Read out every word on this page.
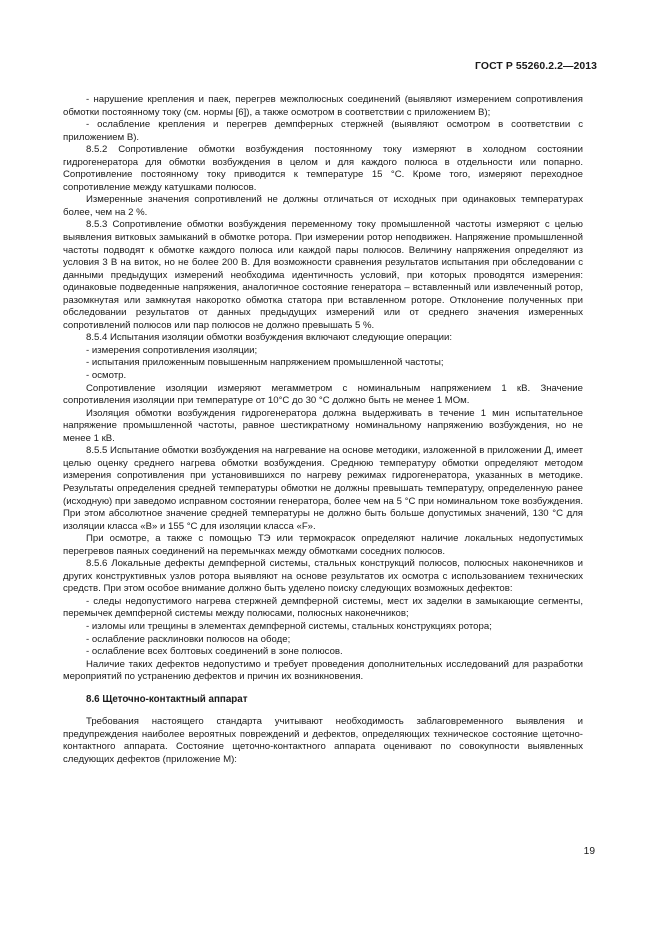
ГОСТ Р 55260.2.2—2013

- нарушение крепления и паек, перегрев межполюсных соединений (выявляют измерением сопротивления обмотки постоянному току (см. нормы [6]), а также осмотром в соответствии с приложением В);

- ослабление крепления и перегрев демпферных стержней (выявляют осмотром в соответствии с приложением В).

8.5.2 Сопротивление обмотки возбуждения постоянному току измеряют в холодном состоянии гидрогенератора для обмотки возбуждения в целом и для каждого полюса в отдельности или попарно. Сопротивление постоянному току приводится к температуре 15 °С. Кроме того, измеряют переходное сопротивление между катушками полюсов.

Измеренные значения сопротивлений не должны отличаться от исходных при одинаковых температурах более, чем на 2 %.

8.5.3 Сопротивление обмотки возбуждения переменному току промышленной частоты измеряют с целью выявления витковых замыканий в обмотке ротора. При измерении ротор неподвижен. Напряжение промышленной частоты подводят к обмотке каждого полюса или каждой пары полюсов. Величину напряжения определяют из условия 3 В на виток, но не более 200 В. Для возможности сравнения результатов испытания при обследовании с данными предыдущих измерений необходима идентичность условий, при которых проводятся измерения: одинаковые подведенные напряжения, аналогичное состояние генератора – вставленный или извлеченный ротор, разомкнутая или замкнутая накоротко обмотка статора при вставленном роторе. Отклонение полученных при обследовании результатов от данных предыдущих измерений или от среднего значения измеренных сопротивлений полюсов или пар полюсов не должно превышать 5 %.

8.5.4 Испытания изоляции обмотки возбуждения включают следующие операции:

- измерения сопротивления изоляции;

- испытания приложенным повышенным напряжением промышленной частоты;

- осмотр.

Сопротивление изоляции измеряют мегаммeтром с номинальным напряжением 1 кВ. Значение сопротивления изоляции при температуре от 10°С до 30 °С должно быть не менее 1 МОм.

Изоляция обмотки возбуждения гидрогенератора должна выдерживать в течение 1 мин испытательное напряжение промышленной частоты, равное шестикратному номинальному напряжению возбуждения, но не менее 1 кВ.

8.5.5 Испытание обмотки возбуждения на нагревание на основе методики, изложенной в приложении Д, имеет целью оценку среднего нагрева обмотки возбуждения. Среднюю температуру обмотки определяют методом измерения сопротивления при установившихся по нагреву режимах гидрогенератора, указанных в методике. Результаты определения средней температуры обмотки не должны превышать температуру, определенную ранее (исходную) при заведомо исправном состоянии генератора, более чем на 5 °С при номинальном токе возбуждения. При этом абсолютное значение средней температуры не должно быть больше допустимых значений, 130 °С для изоляции класса «В» и 155 °С для изоляции класса «F».

При осмотре, а также с помощью ТЭ или термокрасок определяют наличие локальных недопустимых перегревов паяных соединений на перемычках между обмотками соседних полюсов.

8.5.6 Локальные дефекты демпферной системы, стальных конструкций полюсов, полюсных наконечников и других конструктивных узлов ротора выявляют на основе результатов их осмотра с использованием технических средств. При этом особое внимание должно быть уделено поиску следующих возможных дефектов:

- следы недопустимого нагрева стержней демпферной системы, мест их заделки в замыкающие сегменты, перемычек демпферной системы между полюсами, полюсных наконечников;

- изломы или трещины в элементах демпферной системы, стальных конструкциях ротора;

- ослабление расклиновки полюсов на ободе;

- ослабление всех болтовых соединений в зоне полюсов.

Наличие таких дефектов недопустимо и требует проведения дополнительных исследований для разработки мероприятий по устранению дефектов и причин их возникновения.

8.6 Щеточно-контактный аппарат

Требования настоящего стандарта учитывают необходимость заблаговременного выявления и предупреждения наиболее вероятных повреждений и дефектов, определяющих техническое состояние щеточно-контактного аппарата. Состояние щеточно-контактного аппарата оценивают по совокупности выявленных следующих дефектов (приложение М):

19
